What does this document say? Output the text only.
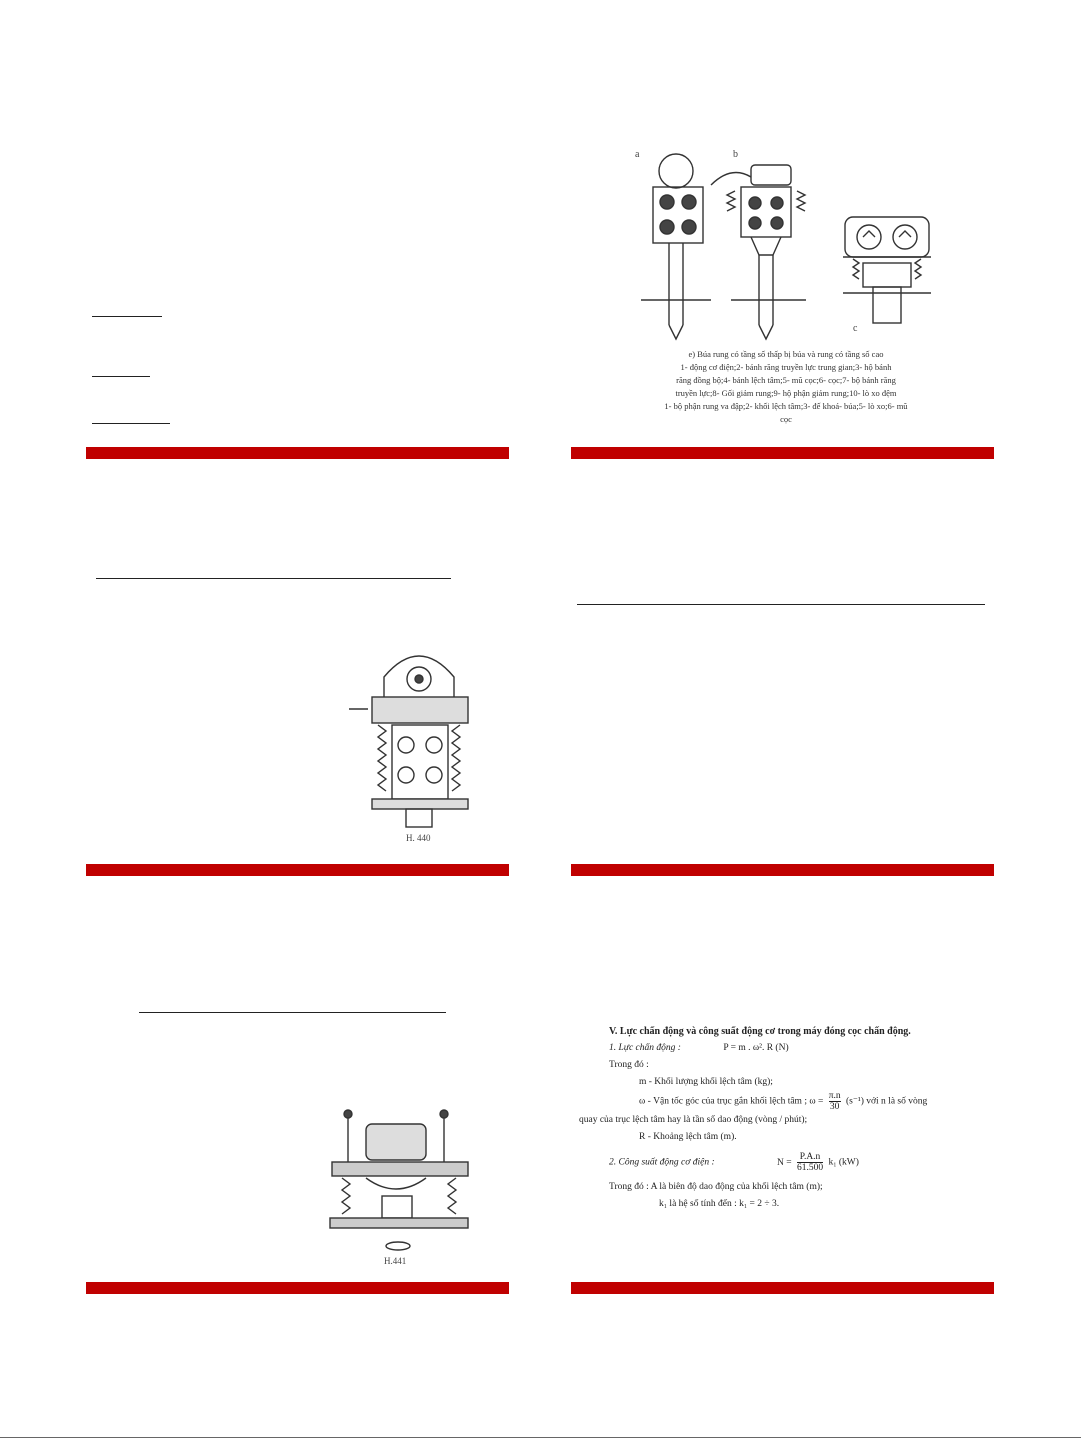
a	b
c
e) Búa rung có tầng số thấp bị búa và rung có tầng số cao
1- động cơ điện;2- bánh răng truyền lực trung gian;3- hộ bánh
răng đồng bộ;4- bánh lệch tâm;5- mũ cọc;6- cọc;7- bộ bánh răng
truyền lực;8- Gối giảm rung;9- hộ phận giảm rung;10- lò xo đệm
1- bộ phận rung va đập;2- khối lệch tâm;3- đế khoá- búa;5- lò xo;6- mũ
cọc
H. 440
H.441
V. Lực chấn động và công suất động cơ trong máy đóng cọc chấn động.
1. Lực chấn động :	P = m . ω². R (N)
Trong đó :
m - Khối lượng khối lệch tâm (kg);
ω - Vận tốc góc của trục gắn khối lệch tâm ; $\omega = \frac{\pi.n}{30} (s^{-1})$ với n là số vòng
quay của trục lệch tâm hay là tần số dao động (vòng / phút);
R - Khoảng lệch tâm (m).
2. Công suất động cơ điện :	$N = \frac{P.A.n}{61.500} k_1$ (kW)
Trong đó : A là biên độ dao động của khối lệch tâm (m);
k₁ là hệ số tính đến : k₁ = 2 ÷ 3.
